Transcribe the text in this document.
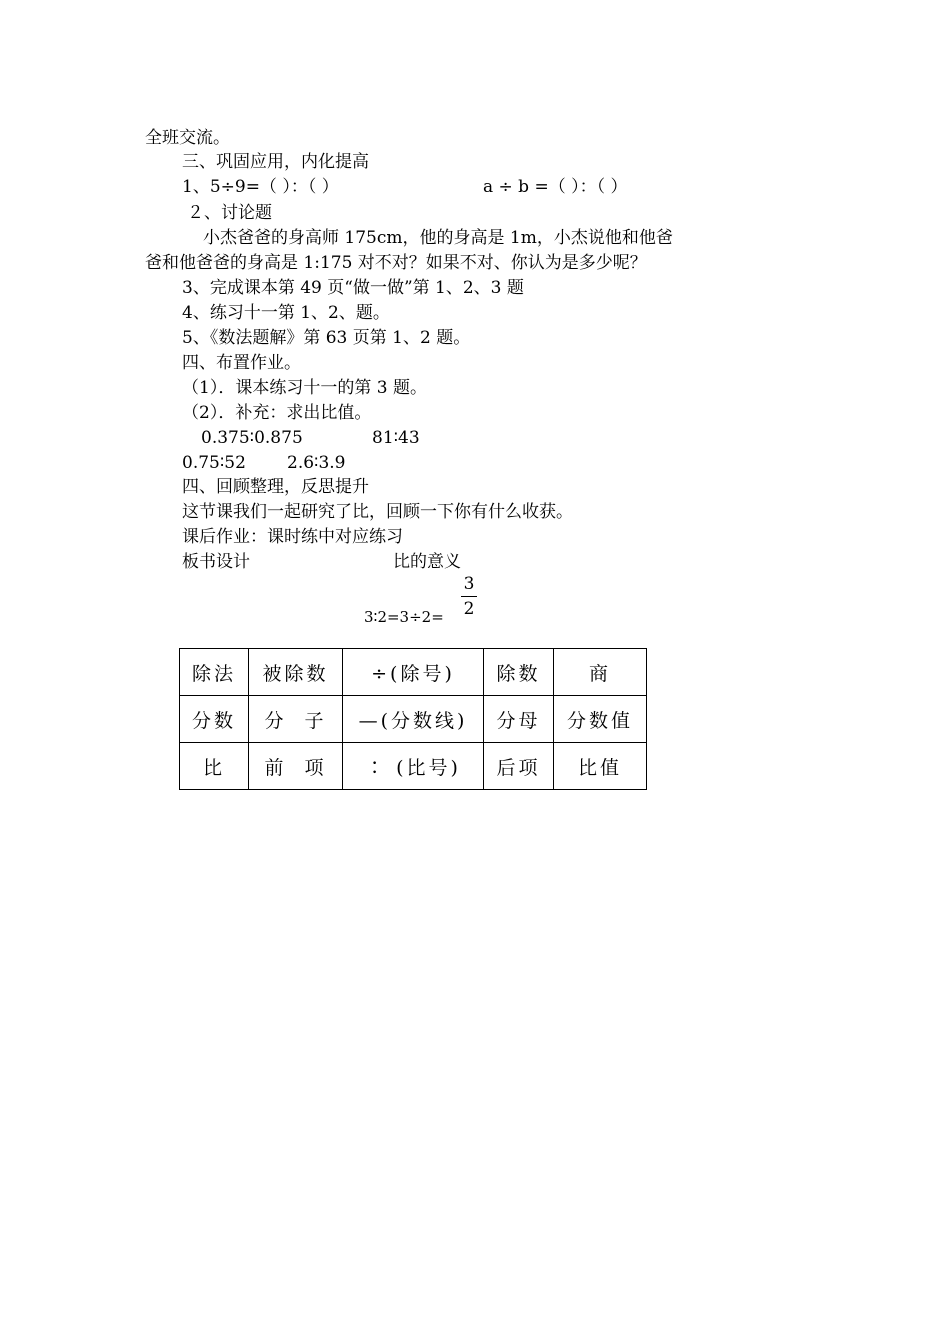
全班交流。
三、巩固应用，内化提高
1、5÷9=（ ）：（ ）	a ÷ b =（ ）：（ ）
２、讨论题
小杰爸爸的身高师 175cm，他的身高是 1m，小杰说他和他爸
爸和他爸爸的身高是 1:175 对不对？如果不对、你认为是多少呢？
3、完成课本第 49 页“做一做”第 1、2、3 题
4、练习十一第 1、2、题。
5、《数法题解》第 63 页第 1、2 题。
四、布置作业。
（1）．课本练习十一的第 3 题。
（2）．补充：求出比值。
0.375∶0.875	81∶43
0.75∶52 2.6∶3.9
四、回顾整理，反思提升
这节课我们一起研究了比，回顾一下你有什么收获。
课后作业：课时练中对应练习
板书设计	比的意义
3∶2=3÷2=
3
2
除法	被除数	÷(除号)	除数	商
分数	分  子	—(分数线)	分母	分数值
比	前  项	∶ (比号)	后项	比值
